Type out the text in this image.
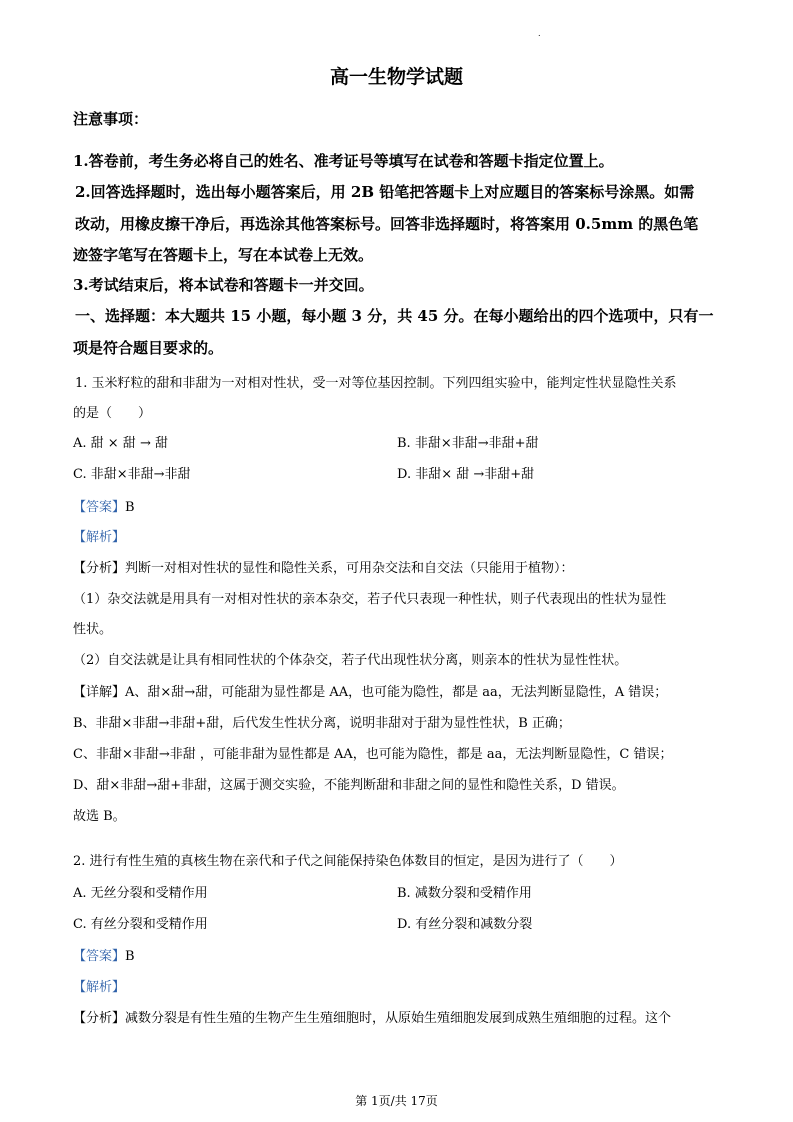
.
高一生物学试题
注意事项：
1.答卷前，考生务必将自己的姓名、准考证号等填写在试卷和答题卡指定位置上。
2.回答选择题时，选出每小题答案后，用 2B 铅笔把答题卡上对应题目的答案标号涂黑。如需
改动，用橡皮擦干净后，再选涂其他答案标号。回答非选择题时，将答案用 0.5mm 的黑色笔
迹签字笔写在答题卡上，写在本试卷上无效。
3.考试结束后，将本试卷和答题卡一并交回。
一、选择题：本大题共 15 小题，每小题 3 分，共 45 分。在每小题给出的四个选项中，只有一
项是符合题目要求的。
1. 玉米籽粒的甜和非甜为一对相对性状，受一对等位基因控制。下列四组实验中，能判定性状显隐性关系
的是（　　）
A. 甜 × 甜 → 甜	B. 非甜×非甜→非甜+甜
C. 非甜×非甜→非甜	D. 非甜× 甜 →非甜+甜
【答案】B
【解析】
【分析】判断一对相对性状的显性和隐性关系，可用杂交法和自交法（只能用于植物）：
（1）杂交法就是用具有一对相对性状的亲本杂交，若子代只表现一种性状，则子代表现出的性状为显性
性状。
（2）自交法就是让具有相同性状的个体杂交，若子代出现性状分离，则亲本的性状为显性性状。
【详解】A、甜×甜→甜，可能甜为显性都是 AA，也可能为隐性，都是 aa，无法判断显隐性，A 错误；
B、非甜×非甜→非甜+甜，后代发生性状分离，说明非甜对于甜为显性性状，B 正确；
C、非甜×非甜→非甜 ，可能非甜为显性都是 AA，也可能为隐性，都是 aa，无法判断显隐性，C 错误；
D、甜×非甜→甜+非甜，这属于测交实验，不能判断甜和非甜之间的显性和隐性关系，D 错误。
故选 B。
2. 进行有性生殖的真核生物在亲代和子代之间能保持染色体数目的恒定，是因为进行了（　　）
A. 无丝分裂和受精作用	B. 减数分裂和受精作用
C. 有丝分裂和受精作用	D. 有丝分裂和减数分裂
【答案】B
【解析】
【分析】减数分裂是有性生殖的生物产生生殖细胞时，从原始生殖细胞发展到成熟生殖细胞的过程。这个
第 1页/共 17页
